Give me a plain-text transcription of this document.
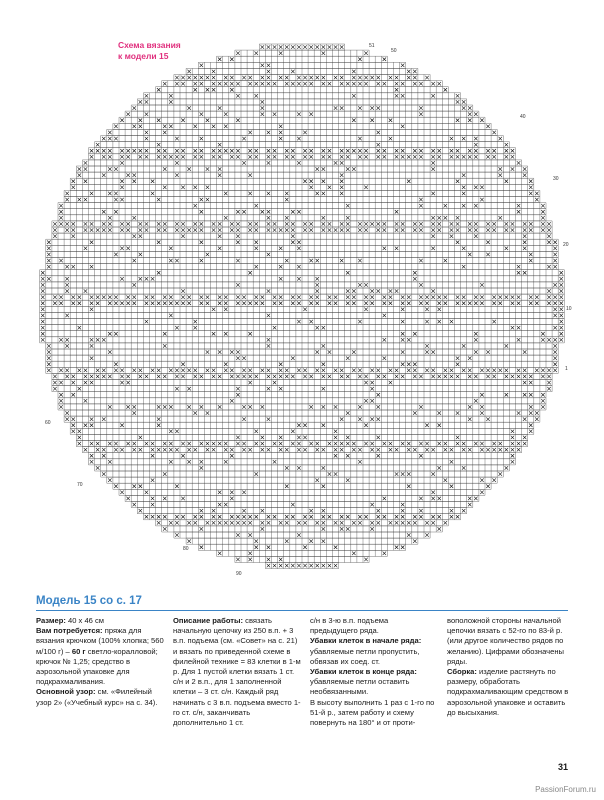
1
10
20
30
40
50
51
60
70
80
90
Схема вязания
к модели 15
Модель 15 со с. 17

Размер: 40 х 46 см

Вам потребуется: пряжа для вязания крючком (100% хлопка; 560 м/100 г) – 60 г светло-коралловой; крючок № 1,25; средство в аэрозольной упаковке для подкрахмаливания.

Основной узор: см. «Филейный узор 2» («Учебный курс» на с. 34).

Описание работы: связать начальную цепочку из 250 в.п. + 3 в.п. подъема (см. «Совет» на с. 21) и вязать по приведенной схеме в филейной технике = 83 клетки в 1-м р. Для 1 пустой клетки вязать 1 ст. с/н и 2 в.п., для 1 заполненной клетки – 3 ст. с/н. Каждый ряд начинать с 3 в.п. подъема вместо 1-го ст. с/н, заканчивать дополнительно 1 ст.

с/н в 3-ю в.п. подъема предыдущего ряда.

Убавки клеток в начале ряда: убавляемые петли пропустить, обвязав их соед. ст.

Убавки клеток в конце ряда: убавляемые петли оставить необвязанными.

В высоту выполнить 1 раз с 1-го по 51-й р., затем работу и схему повернуть на 180° и от проти-

воположной стороны начальной цепочки вязать с 52-го по 83-й р. (или другое количество рядов по желанию). Цифрами обозначены ряды.

Сборка: изделие растянуть по размеру, обработать подкрахмаливающим средством в аэрозольной упаковке и оставить до высыхания.

31
PassionForum.ru
